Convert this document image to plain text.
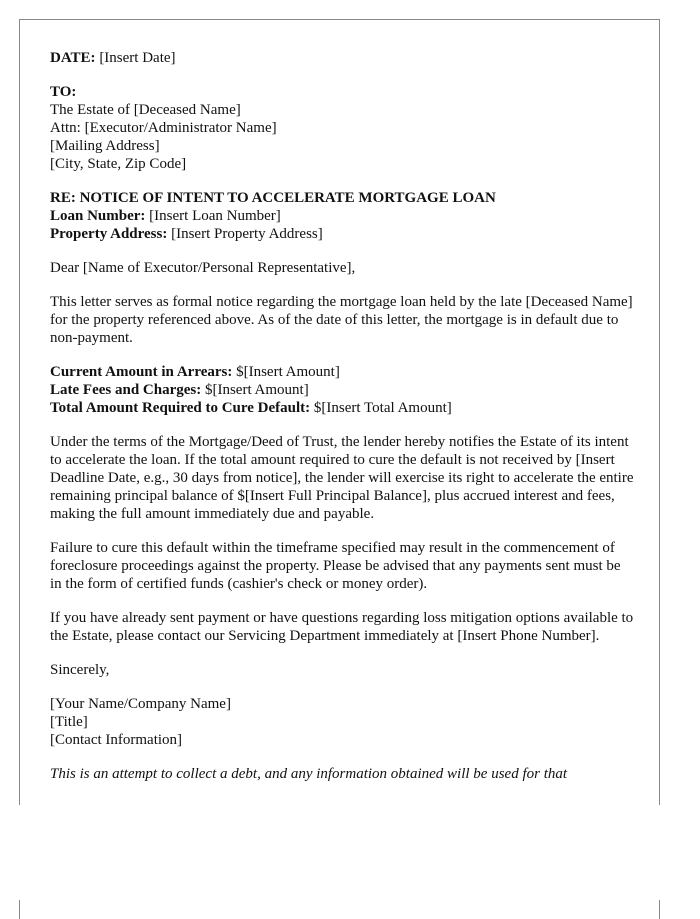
DATE: [Insert Date]

TO:
The Estate of [Deceased Name]
Attn: [Executor/Administrator Name]
[Mailing Address]
[City, State, Zip Code]

RE: NOTICE OF INTENT TO ACCELERATE MORTGAGE LOAN
Loan Number: [Insert Loan Number]
Property Address: [Insert Property Address]

Dear [Name of Executor/Personal Representative],

This letter serves as formal notice regarding the mortgage loan held by the late [Deceased Name] for the property referenced above. As of the date of this letter, the mortgage is in default due to non-payment.

Current Amount in Arrears: $[Insert Amount]
Late Fees and Charges: $[Insert Amount]
Total Amount Required to Cure Default: $[Insert Total Amount]

Under the terms of the Mortgage/Deed of Trust, the lender hereby notifies the Estate of its intent to accelerate the loan. If the total amount required to cure the default is not received by [Insert Deadline Date, e.g., 30 days from notice], the lender will exercise its right to accelerate the entire remaining principal balance of $[Insert Full Principal Balance], plus accrued interest and fees, making the full amount immediately due and payable.

Failure to cure this default within the timeframe specified may result in the commencement of foreclosure proceedings against the property. Please be advised that any payments sent must be in the form of certified funds (cashier's check or money order).

If you have already sent payment or have questions regarding loss mitigation options available to the Estate, please contact our Servicing Department immediately at [Insert Phone Number].

Sincerely,

[Your Name/Company Name]
[Title]
[Contact Information]

This is an attempt to collect a debt, and any information obtained will be used for that
